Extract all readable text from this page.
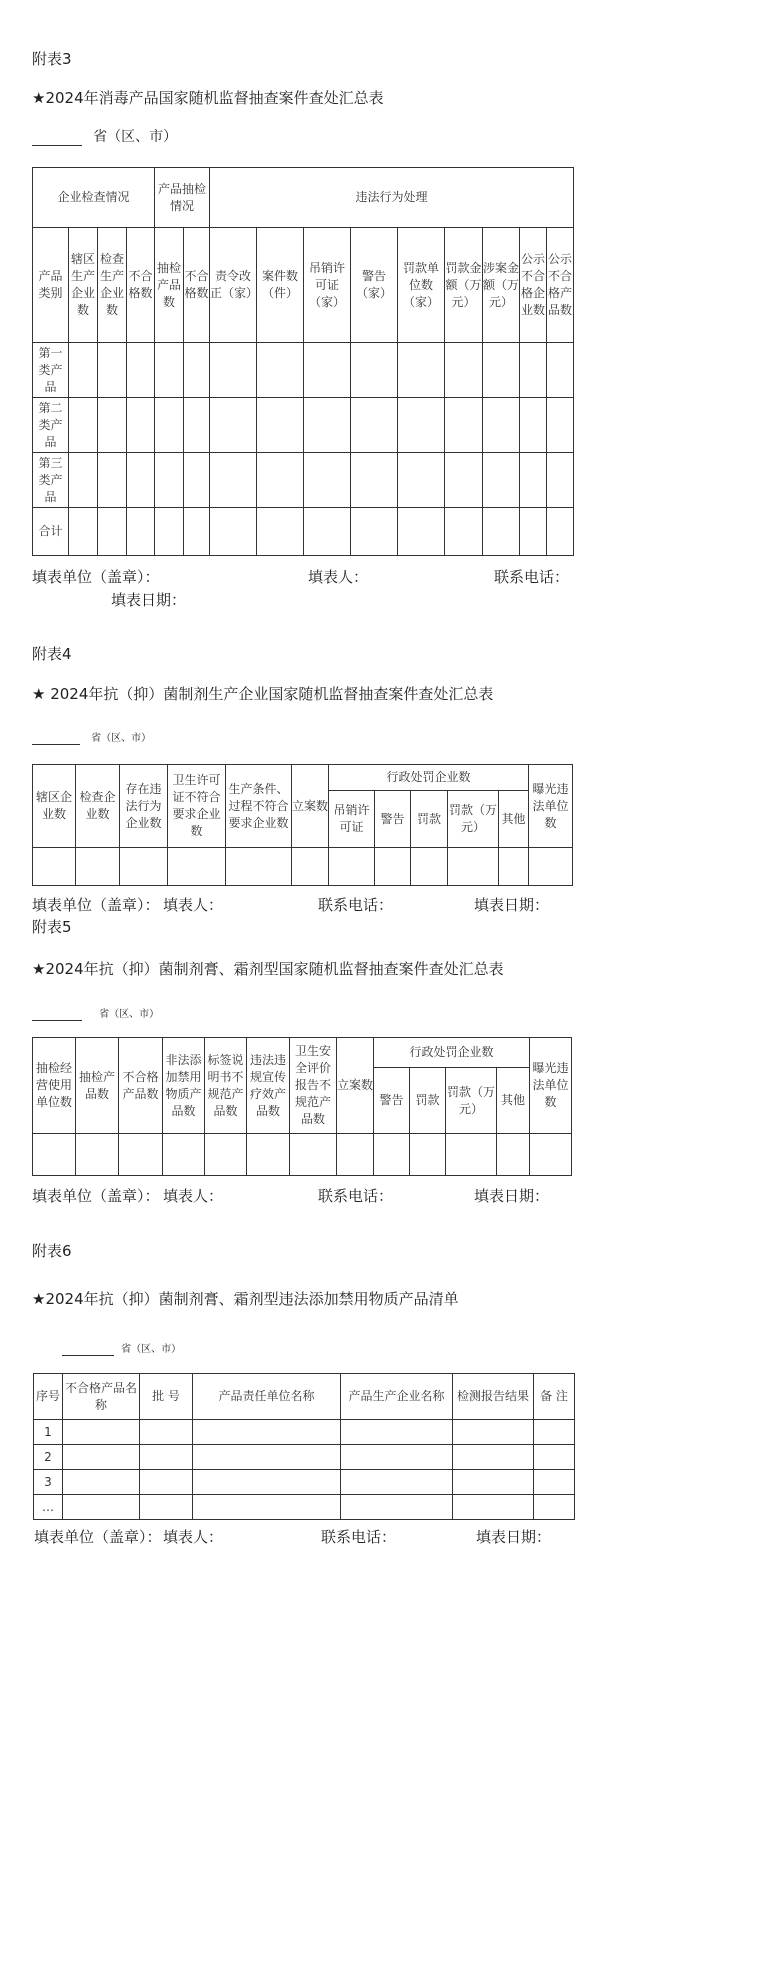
附表3
★2024年消毒产品国家随机监督抽查案件查处汇总表
省（区、市）
企业检查情况				产品抽检情况		违法行为处理								
产品类别	辖区生产企业数	检查生产企业数	不合格数	抽检产品数	不合格数	责令改正（家）	案件数（件）	吊销许可证（家）	警告（家）	罚款单位数（家）	罚款金额（万元）	涉案金额（万元）	公示不合格企业数	公示不合格产品数
第一类产品														
第二类产品														
第三类产品														
合计														
填表单位（盖章）：	填表人：	联系电话：
填表日期：
附表4
★ 2024年抗（抑）菌制剂生产企业国家随机监督抽查案件查处汇总表
省（区、市）
辖区企业数	检查企业数	存在违法行为企业数	卫生许可证不符合要求企业数	生产条件、过程不符合要求企业数	立案数	行政处罚企业数					曝光违法单位数
						吊销许可证	警告	罚款	罚款（万元）	其他	

填表单位（盖章）： 填表人：	联系电话：	填表日期：
附表5
★2024年抗（抑）菌制剂膏、霜剂型国家随机监督抽查案件查处汇总表
省（区、市）
抽检经营使用单位数	抽检产品数	不合格产品数	非法添加禁用物质产品数	标签说明书不规范产品数	违法违规宣传疗效产品数	卫生安全评价报告不规范产品数	立案数	行政处罚企业数				曝光违法单位数
								警告	罚款	罚款（万元）	其他	

填表单位（盖章）： 填表人：	联系电话：	填表日期：
附表6
★2024年抗（抑）菌制剂膏、霜剂型违法添加禁用物质产品清单
省（区、市）
序号	不合格产品名称	批 号	产品责任单位名称	产品生产企业名称	检测报告结果	备 注
1						
2						
3						
…						
填表单位（盖章）： 填表人：	联系电话：	填表日期：
